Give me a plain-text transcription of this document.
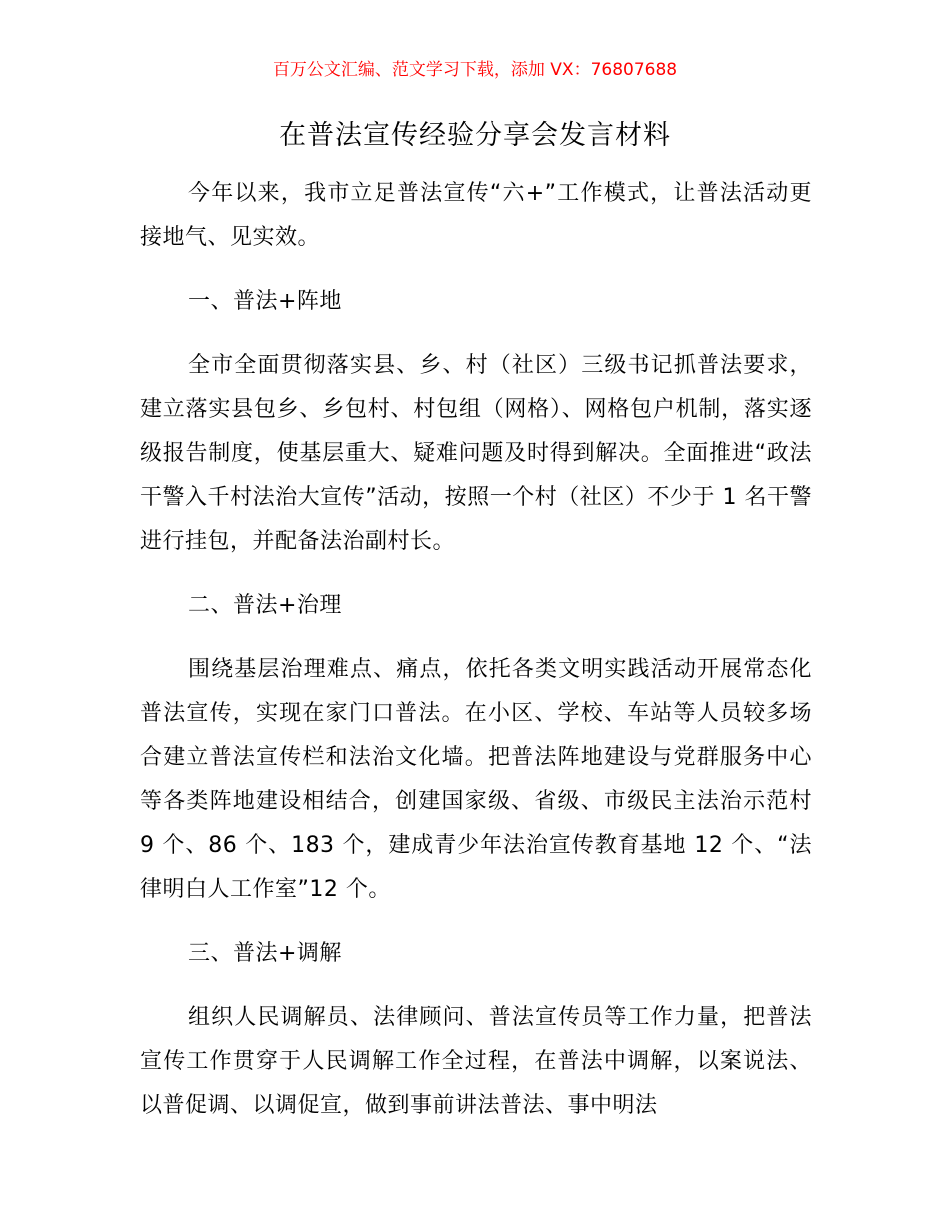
百万公文汇编、范文学习下载，添加 VX：76807688
在普法宣传经验分享会发言材料

今年以来，我市立足普法宣传“六+”工作模式，让普法活动更接地气、见实效。

一、普法+阵地

全市全面贯彻落实县、乡、村（社区）三级书记抓普法要求，建立落实县包乡、乡包村、村包组（网格）、网格包户机制，落实逐级报告制度，使基层重大、疑难问题及时得到解决。全面推进“政法干警入千村法治大宣传”活动，按照一个村（社区）不少于 1 名干警进行挂包，并配备法治副村长。

二、普法+治理

围绕基层治理难点、痛点，依托各类文明实践活动开展常态化普法宣传，实现在家门口普法。在小区、学校、车站等人员较多场合建立普法宣传栏和法治文化墙。把普法阵地建设与党群服务中心等各类阵地建设相结合，创建国家级、省级、市级民主法治示范村 9 个、86 个、183 个，建成青少年法治宣传教育基地 12 个、“法律明白人工作室”12 个。

三、普法+调解

组织人民调解员、法律顾问、普法宣传员等工作力量，把普法宣传工作贯穿于人民调解工作全过程，在普法中调解，以案说法、以普促调、以调促宣，做到事前讲法普法、事中明法
